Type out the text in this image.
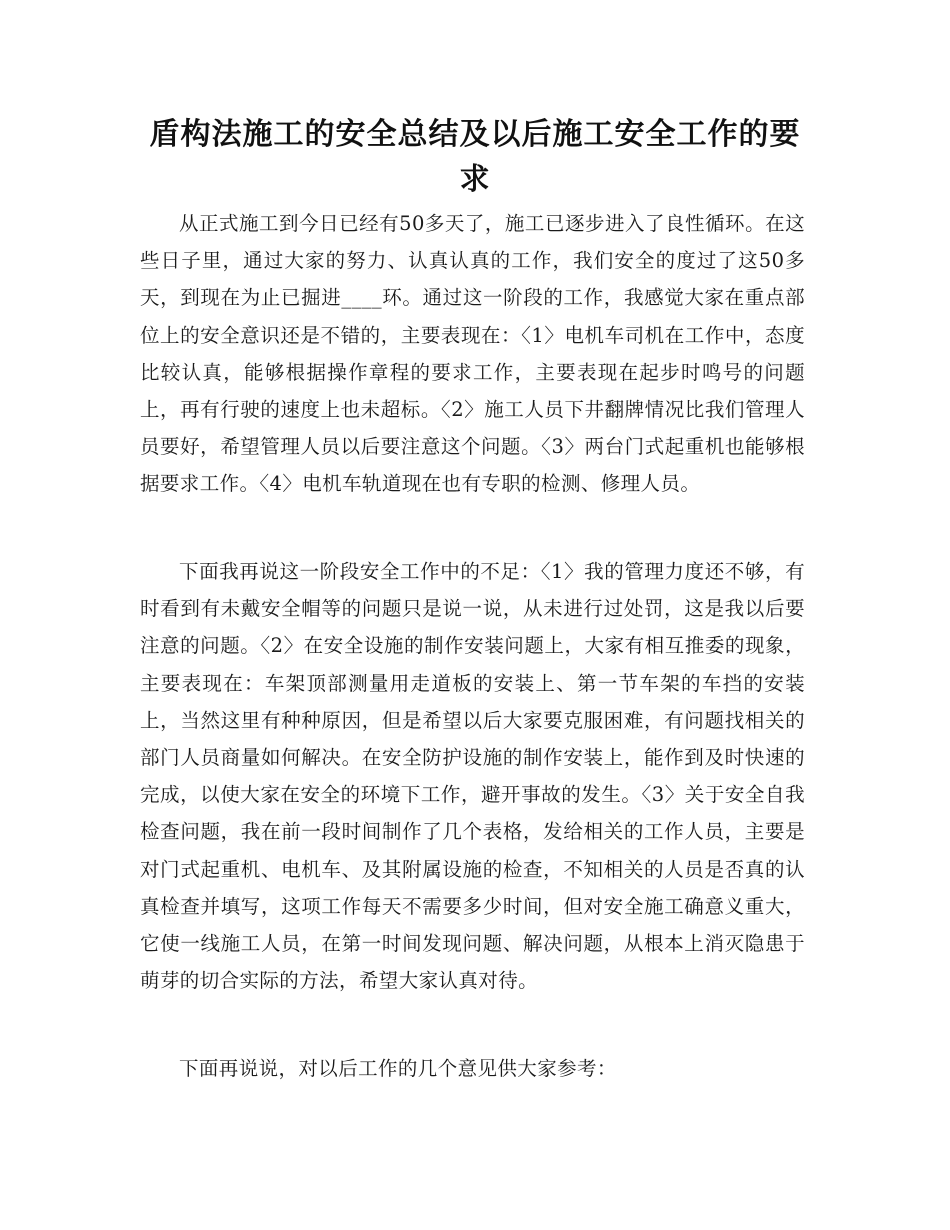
盾构法施工的安全总结及以后施工安全工作的要求

从正式施工到今日已经有50多天了，施工已逐步进入了良性循环。在这些日子里，通过大家的努力、认真认真的工作，我们安全的度过了这50多天，到现在为止已掘进____环。通过这一阶段的工作，我感觉大家在重点部位上的安全意识还是不错的，主要表现在：〈1〉电机车司机在工作中，态度比较认真，能够根据操作章程的要求工作，主要表现在起步时鸣号的问题上，再有行驶的速度上也未超标。〈2〉施工人员下井翻牌情况比我们管理人员要好，希望管理人员以后要注意这个问题。〈3〉两台门式起重机也能够根据要求工作。〈4〉电机车轨道现在也有专职的检测、修理人员。

下面我再说这一阶段安全工作中的不足：〈1〉我的管理力度还不够，有时看到有未戴安全帽等的问题只是说一说，从未进行过处罚，这是我以后要注意的问题。〈2〉在安全设施的制作安装问题上，大家有相互推委的现象，主要表现在：车架顶部测量用走道板的安装上、第一节车架的车挡的安装上，当然这里有种种原因，但是希望以后大家要克服困难，有问题找相关的部门人员商量如何解决。在安全防护设施的制作安装上，能作到及时快速的完成，以使大家在安全的环境下工作，避开事故的发生。〈3〉关于安全自我检查问题，我在前一段时间制作了几个表格，发给相关的工作人员，主要是对门式起重机、电机车、及其附属设施的检查，不知相关的人员是否真的认真检查并填写，这项工作每天不需要多少时间，但对安全施工确意义重大，它使一线施工人员，在第一时间发现问题、解决问题，从根本上消灭隐患于萌芽的切合实际的方法，希望大家认真对待。

下面再说说，对以后工作的几个意见供大家参考：
